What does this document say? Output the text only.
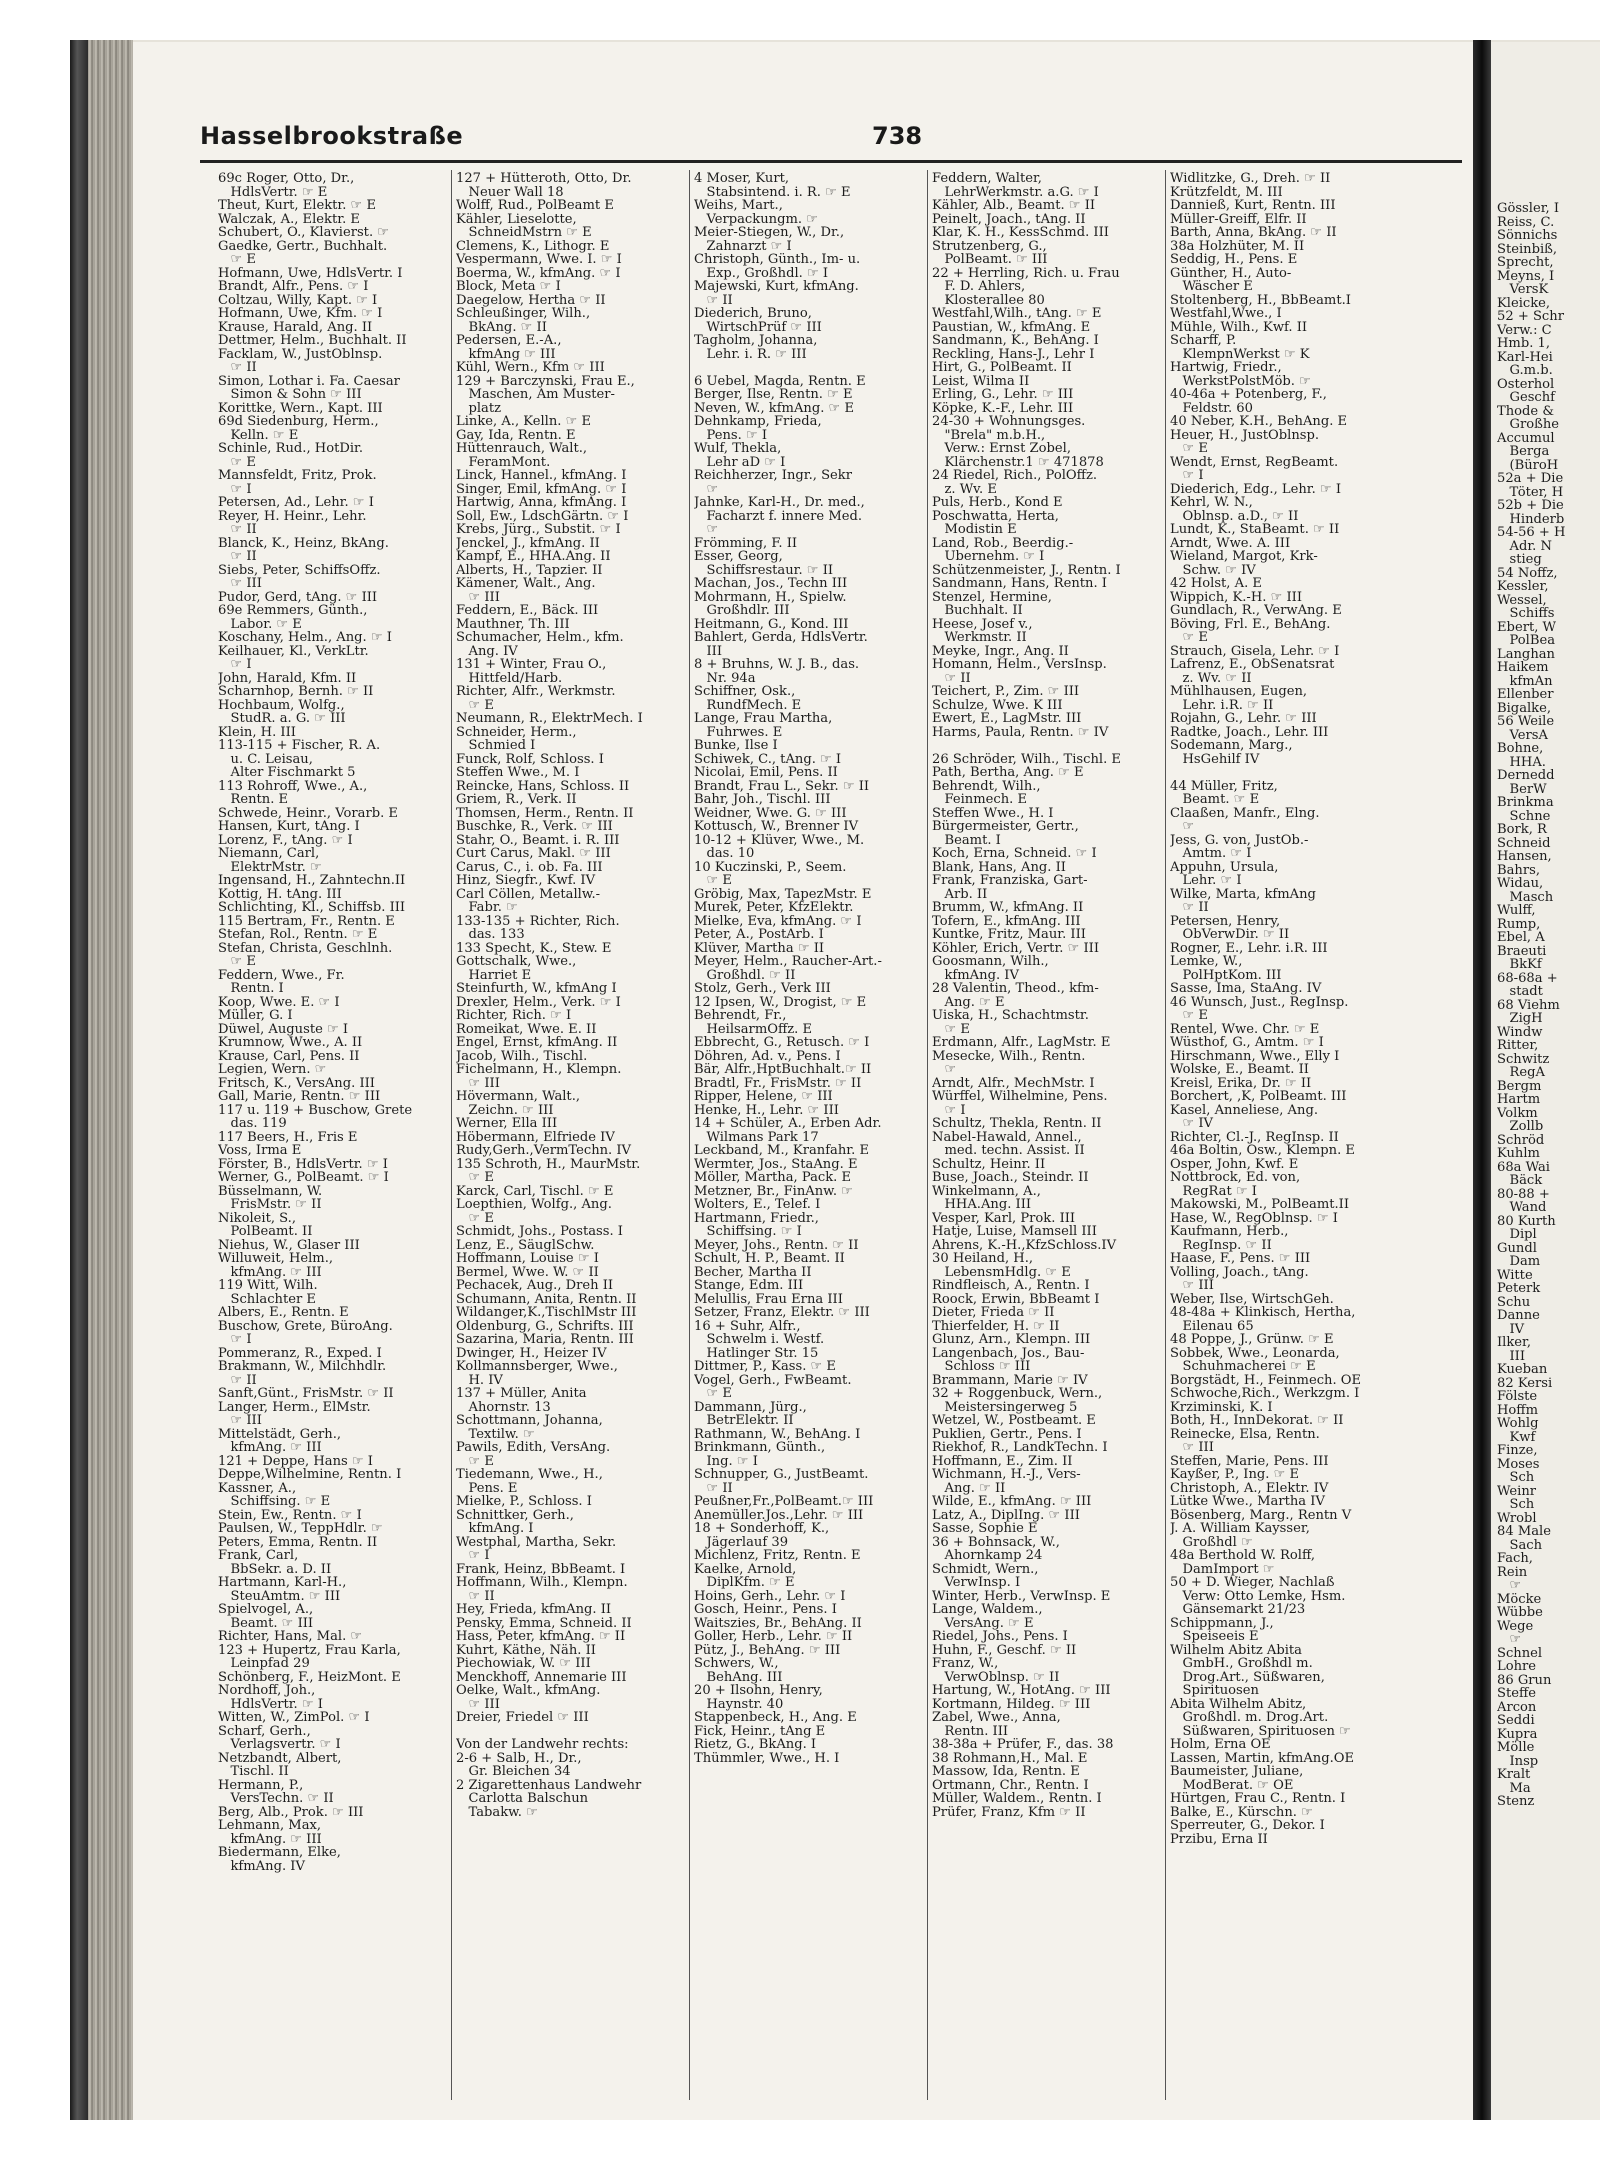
Hasselbrookstraße	738
69c Roger, Otto, Dr.,
HdlsVertr. ☞ E
Theut, Kurt, Elektr. ☞ E
Walczak, A., Elektr. E
Schubert, O., Klavierst. ☞
Gaedke, Gertr., Buchhalt.
☞ E
Hofmann, Uwe, HdlsVertr. I
Brandt, Alfr., Pens. ☞ I
Coltzau, Willy, Kapt. ☞ I
Hofmann, Uwe, Kfm. ☞ I
Krause, Harald, Ang. II
Dettmer, Helm., Buchhalt. II
Facklam, W., JustOblnsp.
☞ II
Simon, Lothar i. Fa. Caesar
Simon & Sohn ☞ III
Korittke, Wern., Kapt. III
69d Siedenburg, Herm.,
Kelln. ☞ E
Schinle, Rud., HotDir.
☞ E
Mannsfeldt, Fritz, Prok.
☞ I
Petersen, Ad., Lehr. ☞ I
Reyer, H. Heinr., Lehr.
☞ II
Blanck, K., Heinz, BkAng.
☞ II
Siebs, Peter, SchiffsOffz.
☞ III
Pudor, Gerd, tAng. ☞ III
69e Remmers, Günth.,
Labor. ☞ E
Koschany, Helm., Ang. ☞ I
Keilhauer, Kl., VerkLtr.
☞ I
John, Harald, Kfm. II
Scharnhop, Bernh. ☞ II
Hochbaum, Wolfg.,
StudR. a. G. ☞ III
Klein, H. III
113-115 + Fischer, R. A.
u. C. Leisau,
Alter Fischmarkt 5
113 Rohroff, Wwe., A.,
Rentn. E
Schwede, Heinr., Vorarb. E
Hansen, Kurt, tAng. I
Lorenz, F., tAng. ☞ I
Niemann, Carl,
ElektrMstr. ☞
Ingensand, H., Zahntechn.II
Kottig, H. tAng. III
Schlichting, Kl., Schiffsb. III
115 Bertram, Fr., Rentn. E
Stefan, Rol., Rentn. ☞ E
Stefan, Christa, Geschlnh.
☞ E
Feddern, Wwe., Fr.
Rentn. I
Koop, Wwe. E. ☞ I
Müller, G. I
Düwel, Auguste ☞ I
Krumnow, Wwe., A. II
Krause, Carl, Pens. II
Legien, Wern. ☞
Fritsch, K., VersAng. III
Gall, Marie, Rentn. ☞ III
117 u. 119 + Buschow, Grete
das. 119
117 Beers, H., Fris E
Voss, Irma E
Förster, B., HdlsVertr. ☞ I
Werner, G., PolBeamt. ☞ I
Büsselmann, W.
FrisMstr. ☞ II
Nikoleit, S.,
PolBeamt. II
Niehus, W., Glaser III
Willuweit, Helm.,
kfmAng. ☞ III
119 Witt, Wilh.
Schlachter E
Albers, E., Rentn. E
Buschow, Grete, BüroAng.
☞ I
Pommeranz, R., Exped. I
Brakmann, W., Milchhdlr.
☞ II
Sanft,Günt., FrisMstr. ☞ II
Langer, Herm., ElMstr.
☞ III
Mittelstädt, Gerh.,
kfmAng. ☞ III
121 + Deppe, Hans ☞ I
Deppe,Wilhelmine, Rentn. I
Kassner, A.,
Schiffsing. ☞ E
Stein, Ew., Rentn. ☞ I
Paulsen, W., TeppHdlr. ☞
Peters, Emma, Rentn. II
Frank, Carl,
BbSekr. a. D. II
Hartmann, Karl-H.,
SteuAmtm. ☞ III
Spielvogel, A.,
Beamt. ☞ III
Richter, Hans, Mal. ☞
123 + Hupertz, Frau Karla,
Leinpfad 29
Schönberg, F., HeizMont. E
Nordhoff, Joh.,
HdlsVertr. ☞ I
Witten, W., ZimPol. ☞ I
Scharf, Gerh.,
Verlagsvertr. ☞ I
Netzbandt, Albert,
Tischl. II
Hermann, P.,
VersTechn. ☞ II
Berg, Alb., Prok. ☞ III
Lehmann, Max,
kfmAng. ☞ III
Biedermann, Elke,
kfmAng. IV
127 + Hütteroth, Otto, Dr.
Neuer Wall 18
Wolff, Rud., PolBeamt E
Kähler, Lieselotte,
SchneidMstrn ☞ E
Clemens, K., Lithogr. E
Vespermann, Wwe. I. ☞ I
Boerma, W., kfmAng. ☞ I
Block, Meta ☞ I
Daegelow, Hertha ☞ II
Schleußinger, Wilh.,
BkAng. ☞ II
Pedersen, E.-A.,
kfmAng ☞ III
Kühl, Wern., Kfm ☞ III
129 + Barczynski, Frau E.,
Maschen, Am Muster-
platz
Linke, A., Kelln. ☞ E
Gay, Ida, Rentn. E
Hüttenrauch, Walt.,
FeramMont.
Linck, Hannel., kfmAng. I
Singer, Emil, kfmAng. ☞ I
Hartwig, Anna, kfmAng. I
Soll, Ew., LdschGärtn. ☞ I
Krebs, Jürg., Substit. ☞ I
Jenckel, J., kfmAng. II
Kampf, E., HHA.Ang. II
Alberts, H., Tapzier. II
Kämener, Walt., Ang.
☞ III
Feddern, E., Bäck. III
Mauthner, Th. III
Schumacher, Helm., kfm.
Ang. IV
131 + Winter, Frau O.,
Hittfeld/Harb.
Richter, Alfr., Werkmstr.
☞ E
Neumann, R., ElektrMech. I
Schneider, Herm.,
Schmied I
Funck, Rolf, Schloss. I
Steffen Wwe., M. I
Reincke, Hans, Schloss. II
Griem, R., Verk. II
Thomsen, Herm., Rentn. II
Buschke, R., Verk. ☞ III
Stahr, O., Beamt. i. R. III
Curt Carus, Makl. ☞ III
Carus, C., i. ob. Fa. III
Hinz, Siegfr., Kwf. IV
Carl Cöllen, Metallw.-
Fabr. ☞
133-135 + Richter, Rich.
das. 133
133 Specht, K., Stew. E
Gottschalk, Wwe.,
Harriet E
Steinfurth, W., kfmAng I
Drexler, Helm., Verk. ☞ I
Richter, Rich. ☞ I
Romeikat, Wwe. E. II
Engel, Ernst, kfmAng. II
Jacob, Wilh., Tischl.
Fichelmann, H., Klempn.
☞ III
Hövermann, Walt.,
Zeichn. ☞ III
Werner, Ella III
Höbermann, Elfriede IV
Rudy,Gerh.,VermTechn. IV
135 Schroth, H., MaurMstr.
☞ E
Karck, Carl, Tischl. ☞ E
Loepthien, Wolfg., Ang.
☞ E
Schmidt, Johs., Postass. I
Lenz, E., SäuglSchw.
Hoffmann, Louise ☞ I
Bermel, Wwe. W. ☞ II
Pechacek, Aug., Dreh II
Schumann, Anita, Rentn. II
Wildanger,K.,TischlMstr III
Oldenburg, G., Schrifts. III
Sazarina, Maria, Rentn. III
Dwinger, H., Heizer IV
Kollmannsberger, Wwe.,
H. IV
137 + Müller, Anita
Ahornstr. 13
Schottmann, Johanna,
Textilw. ☞
Pawils, Edith, VersAng.
☞ E
Tiedemann, Wwe., H.,
Pens. E
Mielke, P., Schloss. I
Schnittker, Gerh.,
kfmAng. I
Westphal, Martha, Sekr.
☞ I
Frank, Heinz, BbBeamt. I
Hoffmann, Wilh., Klempn.
☞ II
Hey, Frieda, kfmAng. II
Pensky, Emma, Schneid. II
Hass, Peter, kfmAng. ☞ II
Kuhrt, Käthe, Näh. II
Piechowiak, W. ☞ III
Menckhoff, Annemarie III
Oelke, Walt., kfmAng.
☞ III
Dreier, Friedel ☞ III
Von der Landwehr rechts:
2-6 + Salb, H., Dr.,
Gr. Bleichen 34
2 Zigarettenhaus Landwehr
Carlotta Balschun
Tabakw. ☞
4 Moser, Kurt,
Stabsintend. i. R. ☞ E
Weihs, Mart.,
Verpackungm. ☞
Meier-Stiegen, W., Dr.,
Zahnarzt ☞ I
Christoph, Günth., Im- u.
Exp., Großhdl. ☞ I
Majewski, Kurt, kfmAng.
☞ II
Diederich, Bruno,
WirtschPrüf ☞ III
Tagholm, Johanna,
Lehr. i. R. ☞ III
6 Uebel, Magda, Rentn. E
Berger, Ilse, Rentn. ☞ E
Neven, W., kfmAng. ☞ E
Dehnkamp, Frieda,
Pens. ☞ I
Wulf, Thekla,
Lehr aD ☞ I
Reichherzer, Ingr., Sekr
☞
Jahnke, Karl-H., Dr. med.,
Facharzt f. innere Med.
☞
Frömming, F. II
Esser, Georg,
Schiffsrestaur. ☞ II
Machan, Jos., Techn III
Mohrmann, H., Spielw.
Großhdlr. III
Heitmann, G., Kond. III
Bahlert, Gerda, HdlsVertr.
III
8 + Bruhns, W. J. B., das.
Nr. 94a
Schiffner, Osk.,
RundfMech. E
Lange, Frau Martha,
Fuhrwes. E
Bunke, Ilse I
Schiwek, C., tAng. ☞ I
Nicolai, Emil, Pens. II
Brandt, Frau L., Sekr. ☞ II
Bahr, Joh., Tischl. III
Weidner, Wwe. G. ☞ III
Kottusch, W., Brenner IV
10-12 + Klüver, Wwe., M.
das. 10
10 Kuczinski, P., Seem.
☞ E
Gröbig, Max, TapezMstr. E
Murek, Peter, KfzElektr.
Mielke, Eva, kfmAng. ☞ I
Peter, A., PostArb. I
Klüver, Martha ☞ II
Meyer, Helm., Raucher-Art.-
Großhdl. ☞ II
Stolz, Gerh., Verk III
12 Ipsen, W., Drogist, ☞ E
Behrendt, Fr.,
HeilsarmOffz. E
Ebbrecht, G., Retusch. ☞ I
Döhren, Ad. v., Pens. I
Bär, Alfr.,HptBuchhalt.☞ II
Bradtl, Fr., FrisMstr. ☞ II
Ripper, Helene, ☞ III
Henke, H., Lehr. ☞ III
14 + Schüler, A., Erben Adr.
Wilmans Park 17
Leckband, M., Kranfahr. E
Wermter, Jos., StaAng. E
Möller, Martha, Pack. E
Metzner, Br., FinAnw. ☞
Wolters, E., Telef. I
Hartmann, Friedr.,
Schiffsing. ☞ I
Meyer, Johs., Rentn. ☞ II
Schult, H. P., Beamt. II
Becher, Martha II
Stange, Edm. III
Melullis, Frau Erna III
Setzer, Franz, Elektr. ☞ III
16 + Suhr, Alfr.,
Schwelm i. Westf.
Hatlinger Str. 15
Dittmer, P., Kass. ☞ E
Vogel, Gerh., FwBeamt.
☞ E
Dammann, Jürg.,
BetrElektr. II
Rathmann, W., BehAng. I
Brinkmann, Günth.,
Ing. ☞ I
Schnupper, G., JustBeamt.
☞ II
Peußner,Fr.,PolBeamt.☞ III
Anemüller.Jos.,Lehr. ☞ III
18 + Sonderhoff, K.,
Jägerlauf 39
Michlenz, Fritz, Rentn. E
Kaelke, Arnold,
DiplKfm. ☞ E
Hoins, Gerh., Lehr. ☞ I
Gosch, Heinr., Pens. I
Waitszies, Br., BehAng. II
Goller, Herb., Lehr. ☞ II
Pütz, J., BehAng. ☞ III
Schwers, W.,
BehAng. III
20 + Ilsohn, Henry,
Haynstr. 40
Stappenbeck, H., Ang. E
Fick, Heinr., tAng E
Rietz, G., BkAng. I
Thümmler, Wwe., H. I
Feddern, Walter,
LehrWerkmstr. a.G. ☞ I
Kähler, Alb., Beamt. ☞ II
Peinelt, Joach., tAng. II
Klar, K. H., KessSchmd. III
Strutzenberg, G.,
PolBeamt. ☞ III
22 + Herrling, Rich. u. Frau
F. D. Ahlers,
Klosterallee 80
Westfahl,Wilh., tAng. ☞ E
Paustian, W., kfmAng. E
Sandmann, K., BehAng. I
Reckling, Hans-J., Lehr I
Hirt, G., PolBeamt. II
Leist, Wilma II
Erling, G., Lehr. ☞ III
Köpke, K.-F., Lehr. III
24-30 + Wohnungsges.
"Brela" m.b.H.,
Verw.: Ernst Zobel,
Klärchenstr.1 ☞ 471878
24 Riedel, Rich., PolOffz.
z. Wv. E
Puls, Herb., Kond E
Poschwatta, Herta,
Modistin E
Land, Rob., Beerdig.-
Übernehm. ☞ I
Schützenmeister, J., Rentn. I
Sandmann, Hans, Rentn. I
Stenzel, Hermine,
Buchhalt. II
Heese, Josef v.,
Werkmstr. II
Meyke, Ingr., Ang. II
Homann, Helm., VersInsp.
☞ II
Teichert, P., Zim. ☞ III
Schulze, Wwe. K III
Ewert, E., LagMstr. III
Harms, Paula, Rentn. ☞ IV
26 Schröder, Wilh., Tischl. E
Path, Bertha, Ang. ☞ E
Behrendt, Wilh.,
Feinmech. E
Steffen Wwe., H. I
Bürgermeister, Gertr.,
Beamt. I
Koch, Erna, Schneid. ☞ I
Blank, Hans, Ang. II
Frank, Franziska, Gart-
Arb. II
Brumm, W., kfmAng. II
Tofern, E., kfmAng. III
Kuntke, Fritz, Maur. III
Köhler, Erich, Vertr. ☞ III
Goosmann, Wilh.,
kfmAng. IV
28 Valentin, Theod., kfm-
Ang. ☞ E
Uiska, H., Schachtmstr.
☞ E
Erdmann, Alfr., LagMstr. E
Mesecke, Wilh., Rentn.
☞
Arndt, Alfr., MechMstr. I
Würffel, Wilhelmine, Pens.
☞ I
Schultz, Thekla, Rentn. II
Nabel-Hawald, Annel.,
med. techn. Assist. II
Schultz, Heinr. II
Buse, Joach., Steindr. II
Winkelmann, A.,
HHA.Ang. III
Vesper, Karl, Prok. III
Hatje, Luise, Mamsell III
Ahrens, K.-H.,KfzSchloss.IV
30 Heiland, H.,
LebensmHdlg. ☞ E
Rindfleisch, A., Rentn. I
Roock, Erwin, BbBeamt I
Dieter, Frieda ☞ II
Thierfelder, H. ☞ II
Glunz, Arn., Klempn. III
Langenbach, Jos., Bau-
Schloss ☞ III
Brammann, Marie ☞ IV
32 + Roggenbuck, Wern.,
Meistersingerweg 5
Wetzel, W., Postbeamt. E
Puklien, Gertr., Pens. I
Riekhof, R., LandkTechn. I
Hoffmann, E., Zim. II
Wichmann, H.-J., Vers-
Ang. ☞ II
Wilde, E., kfmAng. ☞ III
Latz, A., DiplIng. ☞ III
Sasse, Sophie E
36 + Bohnsack, W.,
Ahornkamp 24
Schmidt, Wern.,
VerwInsp. I
Winter, Herb., VerwInsp. E
Lange, Waldem.,
VersAng. ☞ E
Riedel, Johs., Pens. I
Huhn, F., Geschf. ☞ II
Franz, W.,
VerwOblnsp. ☞ II
Hartung, W., HotAng. ☞ III
Kortmann, Hildeg. ☞ III
Zabel, Wwe., Anna,
Rentn. III
38-38a + Prüfer, F., das. 38
38 Rohmann,H., Mal. E
Massow, Ida, Rentn. E
Ortmann, Chr., Rentn. I
Müller, Waldem., Rentn. I
Prüfer, Franz, Kfm ☞ II
Widlitzke, G., Dreh. ☞ II
Krützfeldt, M. III
Dannieß, Kurt, Rentn. III
Müller-Greiff, Elfr. II
Barth, Anna, BkAng. ☞ II
38a Holzhüter, M. II
Seddig, H., Pens. E
Günther, H., Auto-
Wäscher E
Stoltenberg, H., BbBeamt.I
Westfahl,Wwe., I
Mühle, Wilh., Kwf. II
Scharff, P.
KlempnWerkst ☞ K
Hartwig, Friedr.,
WerkstPolstMöb. ☞
40-46a + Potenberg, F.,
Feldstr. 60
40 Neber, K.H., BehAng. E
Heuer, H., JustOblnsp.
☞ E
Wendt, Ernst, RegBeamt.
☞ I
Diederich, Edg., Lehr. ☞ I
Kehrl, W. N.,
Oblnsp. a.D., ☞ II
Lundt, K., StaBeamt. ☞ II
Arndt, Wwe. A. III
Wieland, Margot, Krk-
Schw. ☞ IV
42 Holst, A. E
Wippich, K.-H. ☞ III
Gundlach, R., VerwAng. E
Böving, Frl. E., BehAng.
☞ E
Strauch, Gisela, Lehr. ☞ I
Lafrenz, E., ObSenatsrat
z. Wv. ☞ II
Mühlhausen, Eugen,
Lehr. i.R. ☞ II
Rojahn, G., Lehr. ☞ III
Radtke, Joach., Lehr. III
Sodemann, Marg.,
HsGehilf IV
44 Müller, Fritz,
Beamt. ☞ E
Claaßen, Manfr., Elng.
☞
Jess, G. von, JustOb.-
Amtm. ☞ I
Appuhn, Ursula,
Lehr. ☞ I
Wilke, Marta, kfmAng
☞ II
Petersen, Henry,
ObVerwDir. ☞ II
Rogner, E., Lehr. i.R. III
Lemke, W.,
PolHptKom. III
Sasse, Ima, StaAng. IV
46 Wunsch, Just., RegInsp.
☞ E
Rentel, Wwe. Chr. ☞ E
Wüsthof, G., Amtm. ☞ I
Hirschmann, Wwe., Elly I
Wolske, E., Beamt. II
Kreisl, Erika, Dr. ☞ II
Borchert, ,K, PolBeamt. III
Kasel, Anneliese, Ang.
☞ IV
Richter, Cl.-J., RegInsp. II
46a Boltin, Osw., Klempn. E
Osper, John, Kwf. E
Nottbrock, Ed. von,
RegRat ☞ I
Makowski, M., PolBeamt.II
Hase, W., RegOblnsp. ☞ I
Kaufmann, Herb.,
RegInsp. ☞ II
Haase, F., Pens. ☞ III
Volling, Joach., tAng.
☞ III
Weber, Ilse, WirtschGeh.
48-48a + Klinkisch, Hertha,
Eilenau 65
48 Poppe, J., Grünw. ☞ E
Sobbek, Wwe., Leonarda,
Schuhmacherei ☞ E
Borgstädt, H., Feinmech. OE
Schwoche,Rich., Werkzgm. I
Krziminski, K. I
Both, H., InnDekorat. ☞ II
Reinecke, Elsa, Rentn.
☞ III
Steffen, Marie, Pens. III
Kayßer, P., Ing. ☞ E
Christoph, A., Elektr. IV
Lütke Wwe., Martha IV
Bösenberg, Marg., Rentn V
J. A. William Kaysser,
Großhdl ☞
48a Berthold W. Rolff,
DamImport ☞
50 + D. Wieger, Nachlaß
Verw: Otto Lemke, Hsm.
Gänsemarkt 21/23
Schippmann, J.,
Speiseeis E
Wilhelm Abitz Abita
GmbH., Großhdl m.
Drog.Art., Süßwaren,
Spirituosen
Abita Wilhelm Abitz,
Großhdl. m. Drog.Art.
Süßwaren, Spirituosen ☞
Holm, Erna OE
Lassen, Martin, kfmAng.OE
Baumeister, Juliane,
ModBerat. ☞ OE
Hürtgen, Frau C., Rentn. I
Balke, E., Kürschn. ☞
Sperreuter, G., Dekor. I
Przibu, Erna II
Gössler, I
Reiss, C.
Sönnichs
Steinbiß,
Sprecht,
Meyns, I
VersK
Kleicke,
52 + Schr
Verw.: C
Hmb. 1,
Karl-Hei
G.m.b.
Osterhol
Geschf
Thode &
Großhe
Accumul
Berga
(BüroH
52a + Die
Töter, H
52b + Die
Hinderb
54-56 + H
Adr. N
stieg
54 Noffz,
Kessler,
Wessel,
Schiffs
Ebert, W
PolBea
Langhan
Haikem
kfmAn
Ellenber
Bigalke,
56 Weile
VersA
Bohne,
HHA.
Dernedd
BerW
Brinkma
Schne
Bork, R
Schneid
Hansen,
Bahrs,
Widau,
Masch
Wulff,
Rump,
Ebel, A
Braeuti
BkKf
68-68a +
stadt
68 Viehm
ZigH
Windw
Ritter,
Schwitz
RegA
Bergm
Hartm
Volkm
Zollb
Schröd
Kuhlm
68a Wai
Bäck
80-88 +
Wand
80 Kurth
Dipl
Gundl
Dam
Witte
Peterk
Schu
Danne
IV
Ilker,
III
Kueban
82 Kersi
Fölste
Hoffm
Wohlg
Kwf
Finze,
Moses
Sch
Weinr
Sch
Wrobl
84 Male
Sach
Fach,
Rein
☞
Möcke
Wübbe
Wege
☞
Schnel
Lohre
86 Grun
Steffe
Arcon
Seddi
Kupra
Mölle
Insp
Kralt
Ma
Stenz
